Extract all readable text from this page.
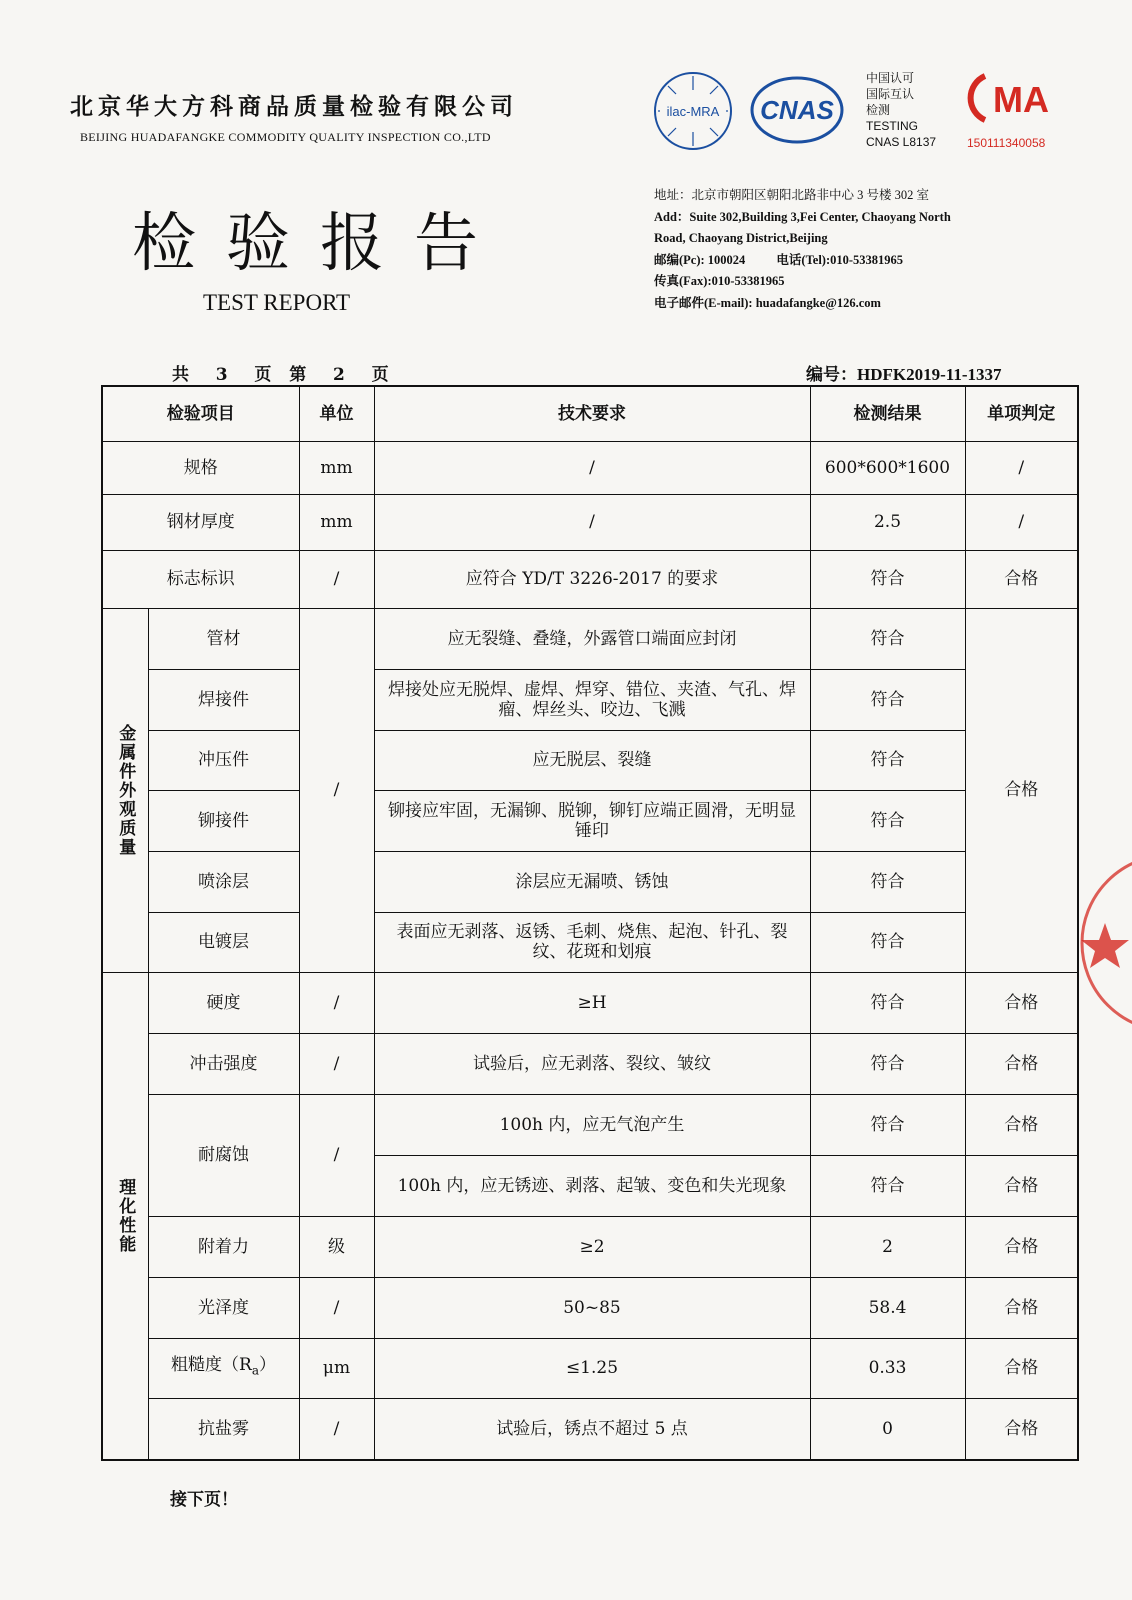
北京华大方科商品质量检验有限公司
BEIJING HUADAFANGKE COMMODITY QUALITY INSPECTION CO.,LTD
检验报告
TEST REPORT
ilac-MRA CNAS
中国认可
国际互认
检测
TESTING
CNAS L8137
MA
150111340058
地址：北京市朝阳区朝阳北路非中心 3 号楼 302 室
Add：Suite 302,Building 3,Fei Center, Chaoyang North
Road, Chaoyang District,Beijing
邮编(Pc): 100024 电话(Tel):010-53381965
传真(Fax):010-53381965
电子邮件(E-mail): huadafangke@126.com
共 3 页 第 2 页	编号：HDFK2019-11-1337
检验项目		单位	技术要求	检测结果	单项判定
规格		mm	/	600*600*1600	/
钢材厚度		mm	/	2.5	/
标志标识		/	应符合 YD/T 3226-2017 的要求	符合	合格

金属件外观质量	管材	/	应无裂缝、叠缝，外露管口端面应封闭	符合	合格
	焊接件		焊接处应无脱焊、虚焊、焊穿、错位、夹渣、气孔、焊瘤、焊丝头、咬边、飞溅	符合	
	冲压件		应无脱层、裂缝	符合	
	铆接件		铆接应牢固，无漏铆、脱铆，铆钉应端正圆滑，无明显锤印	符合	
	喷涂层		涂层应无漏喷、锈蚀	符合	
	电镀层		表面应无剥落、返锈、毛刺、烧焦、起泡、针孔、裂纹、花斑和划痕	符合	

理化性能	硬度	/	≥H	符合	合格
	冲击强度	/	试验后，应无剥落、裂纹、皱纹	符合	合格
	耐腐蚀	/	100h 内，应无气泡产生	符合	合格
			100h 内，应无锈迹、剥落、起皱、变色和失光现象	符合	合格
	附着力	级	≥2	2	合格
	光泽度	/	50~85	58.4	合格
	粗糙度$(R_a)$	μm	≤1.25	0.33	合格
	抗盐雾	/	试验后，锈点不超过 5 点	0	合格
接下页！
